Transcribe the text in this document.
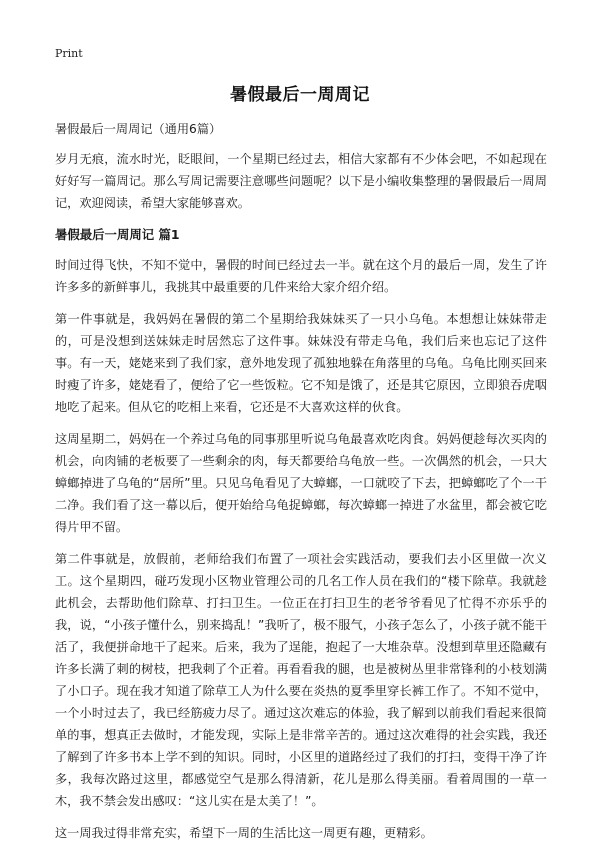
Print
暑假最后一周周记

暑假最后一周周记（通用6篇）

岁月无痕，流水时光，眨眼间，一个星期已经过去，相信大家都有不少体会吧，不如起现在好好写一篇周记。那么写周记需要注意哪些问题呢？以下是小编收集整理的暑假最后一周周记，欢迎阅读，希望大家能够喜欢。

暑假最后一周周记 篇1

时间过得飞快，不知不觉中，暑假的时间已经过去一半。就在这个月的最后一周，发生了许许多多的新鲜事儿，我挑其中最重要的几件来给大家介绍介绍。

第一件事就是，我妈妈在暑假的第二个星期给我妹妹买了一只小乌龟。本想想让妹妹带走的，可是没想到送妹妹走时居然忘了这件事。妹妹没有带走乌龟，我们后来也忘记了这件事。有一天，姥姥来到了我们家，意外地发现了孤独地躲在角落里的乌龟。乌龟比刚买回来时瘦了许多，姥姥看了，便给了它一些饭粒。它不知是饿了，还是其它原因，立即狼吞虎咽地吃了起来。但从它的吃相上来看，它还是不大喜欢这样的伙食。

这周星期二，妈妈在一个养过乌龟的同事那里听说乌龟最喜欢吃肉食。妈妈便趁每次买肉的机会，向肉铺的老板要了一些剩余的肉，每天都要给乌龟放一些。一次偶然的机会，一只大蟑螂掉进了乌龟的“居所”里。只见乌龟看见了大蟑螂，一口就咬了下去，把蟑螂吃了个一干二净。我们看了这一幕以后，便开始给乌龟捉蟑螂，每次蟑螂一掉进了水盆里，都会被它吃得片甲不留。

第二件事就是，放假前，老师给我们布置了一项社会实践活动，要我们去小区里做一次义工。这个星期四，碰巧发现小区物业管理公司的几名工作人员在我们的“楼下除草。我就趁此机会，去帮助他们除草、打扫卫生。一位正在打扫卫生的老爷爷看见了忙得不亦乐乎的我，说，“小孩子懂什么，别来捣乱！”我听了，极不服气，小孩子怎么了，小孩子就不能干活了，我便拼命地干了起来。后来，我为了逞能，抱起了一大堆杂草。没想到草里还隐藏有许多长满了刺的树枝，把我刺了个正着。再看看我的腿，也是被树丛里非常锋利的小枝划满了小口子。现在我才知道了除草工人为什么要在炎热的夏季里穿长裤工作了。不知不觉中，一个小时过去了，我已经筋疲力尽了。通过这次难忘的体验，我了解到以前我们看起来很简单的事，想真正去做时，才能发现，实际上是非常辛苦的。通过这次难得的社会实践，我还了解到了许多书本上学不到的知识。同时，小区里的道路经过了我们的打扫，变得干净了许多，我每次路过这里，都感觉空气是那么得清新，花儿是那么得美丽。看着周围的一草一木，我不禁会发出感叹：“这儿实在是太美了！”。

这一周我过得非常充实，希望下一周的生活比这一周更有趣，更精彩。
